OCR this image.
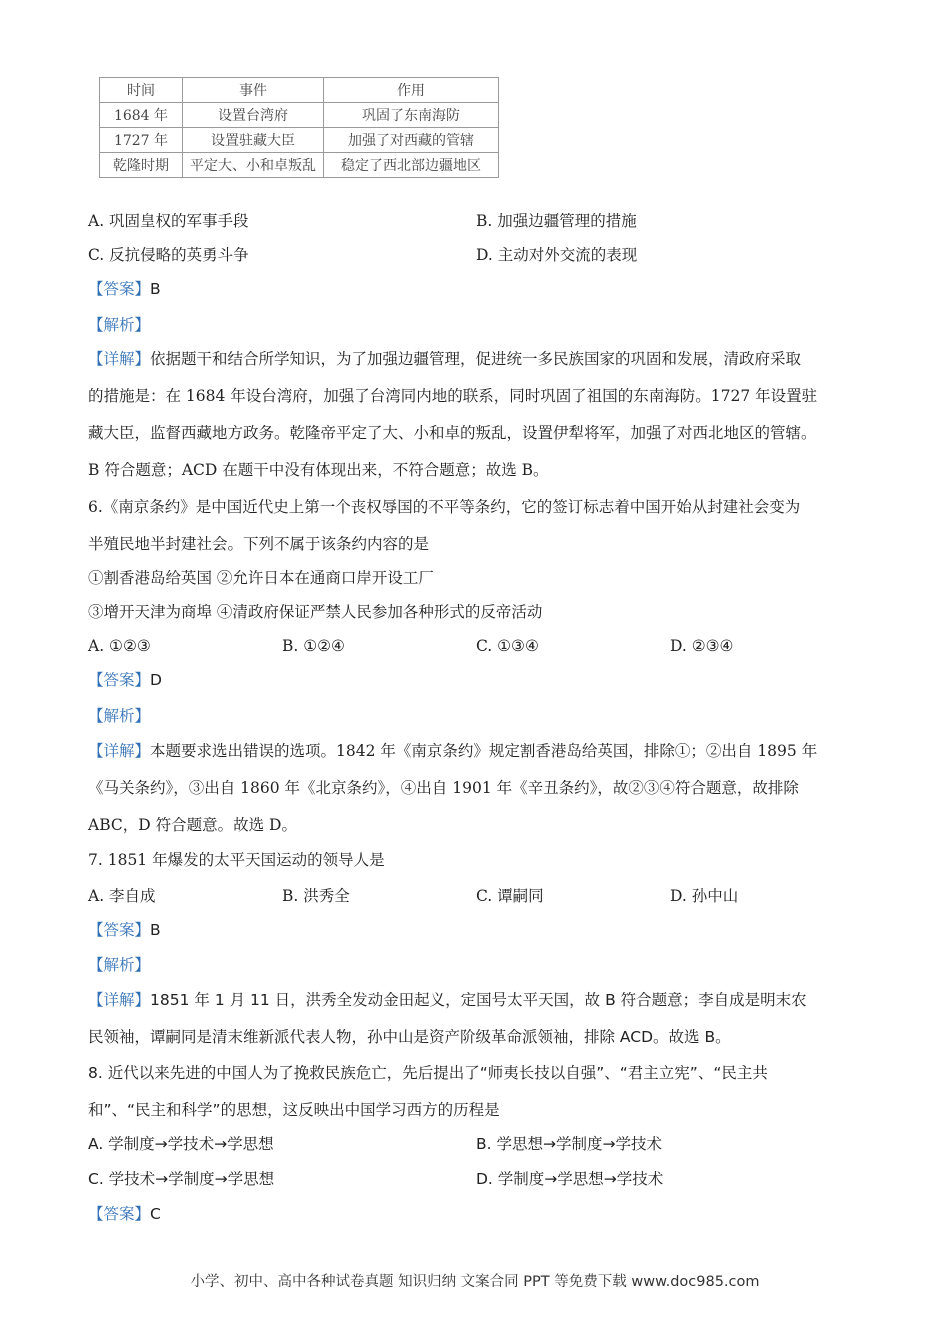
时间	事件	作用
1684 年	设置台湾府	巩固了东南海防
1727 年	设置驻藏大臣	加强了对西藏的管辖
乾隆时期	平定大、小和卓叛乱	稳定了西北部边疆地区
A. 巩固皇权的军事手段	B. 加强边疆管理的措施
C. 反抗侵略的英勇斗争	D. 主动对外交流的表现
【答案】B
【解析】
【详解】依据题干和结合所学知识，为了加强边疆管理，促进统一多民族国家的巩固和发展，清政府采取
的措施是：在 1684 年设台湾府，加强了台湾同内地的联系，同时巩固了祖国的东南海防。1727 年设置驻
藏大臣，监督西藏地方政务。乾隆帝平定了大、小和卓的叛乱，设置伊犁将军，加强了对西北地区的管辖。
B 符合题意；ACD 在题干中没有体现出来，不符合题意；故选 B。
6.《南京条约》是中国近代史上第一个丧权辱国的不平等条约，它的签订标志着中国开始从封建社会变为
半殖民地半封建社会。下列不属于该条约内容的是
①割香港岛给英国 ②允许日本在通商口岸开设工厂
③增开天津为商埠 ④清政府保证严禁人民参加各种形式的反帝活动
A. ①②③	B. ①②④	C. ①③④	D. ②③④
【答案】D
【解析】
【详解】本题要求选出错误的选项。1842 年《南京条约》规定割香港岛给英国，排除①；②出自 1895 年
《马关条约》，③出自 1860 年《北京条约》，④出自 1901 年《辛丑条约》，故②③④符合题意，故排除
ABC，D 符合题意。故选 D。
7. 1851 年爆发的太平天国运动的领导人是
A. 李自成	B. 洪秀全	C. 谭嗣同	D. 孙中山
【答案】B
【解析】
【详解】1851 年 1 月 11 日，洪秀全发动金田起义，定国号太平天国，故 B 符合题意；李自成是明末农
民领袖，谭嗣同是清末维新派代表人物，孙中山是资产阶级革命派领袖，排除 ACD。故选 B。
8. 近代以来先进的中国人为了挽救民族危亡，先后提出了“师夷长技以自强”、“君主立宪”、“民主共
和”、“民主和科学”的思想，这反映出中国学习西方的历程是
A. 学制度→学技术→学思想	B. 学思想→学制度→学技术
C. 学技术→学制度→学思想	D. 学制度→学思想→学技术
【答案】C
小学、初中、高中各种试卷真题 知识归纳 文案合同 PPT 等免费下载 www.doc985.com
